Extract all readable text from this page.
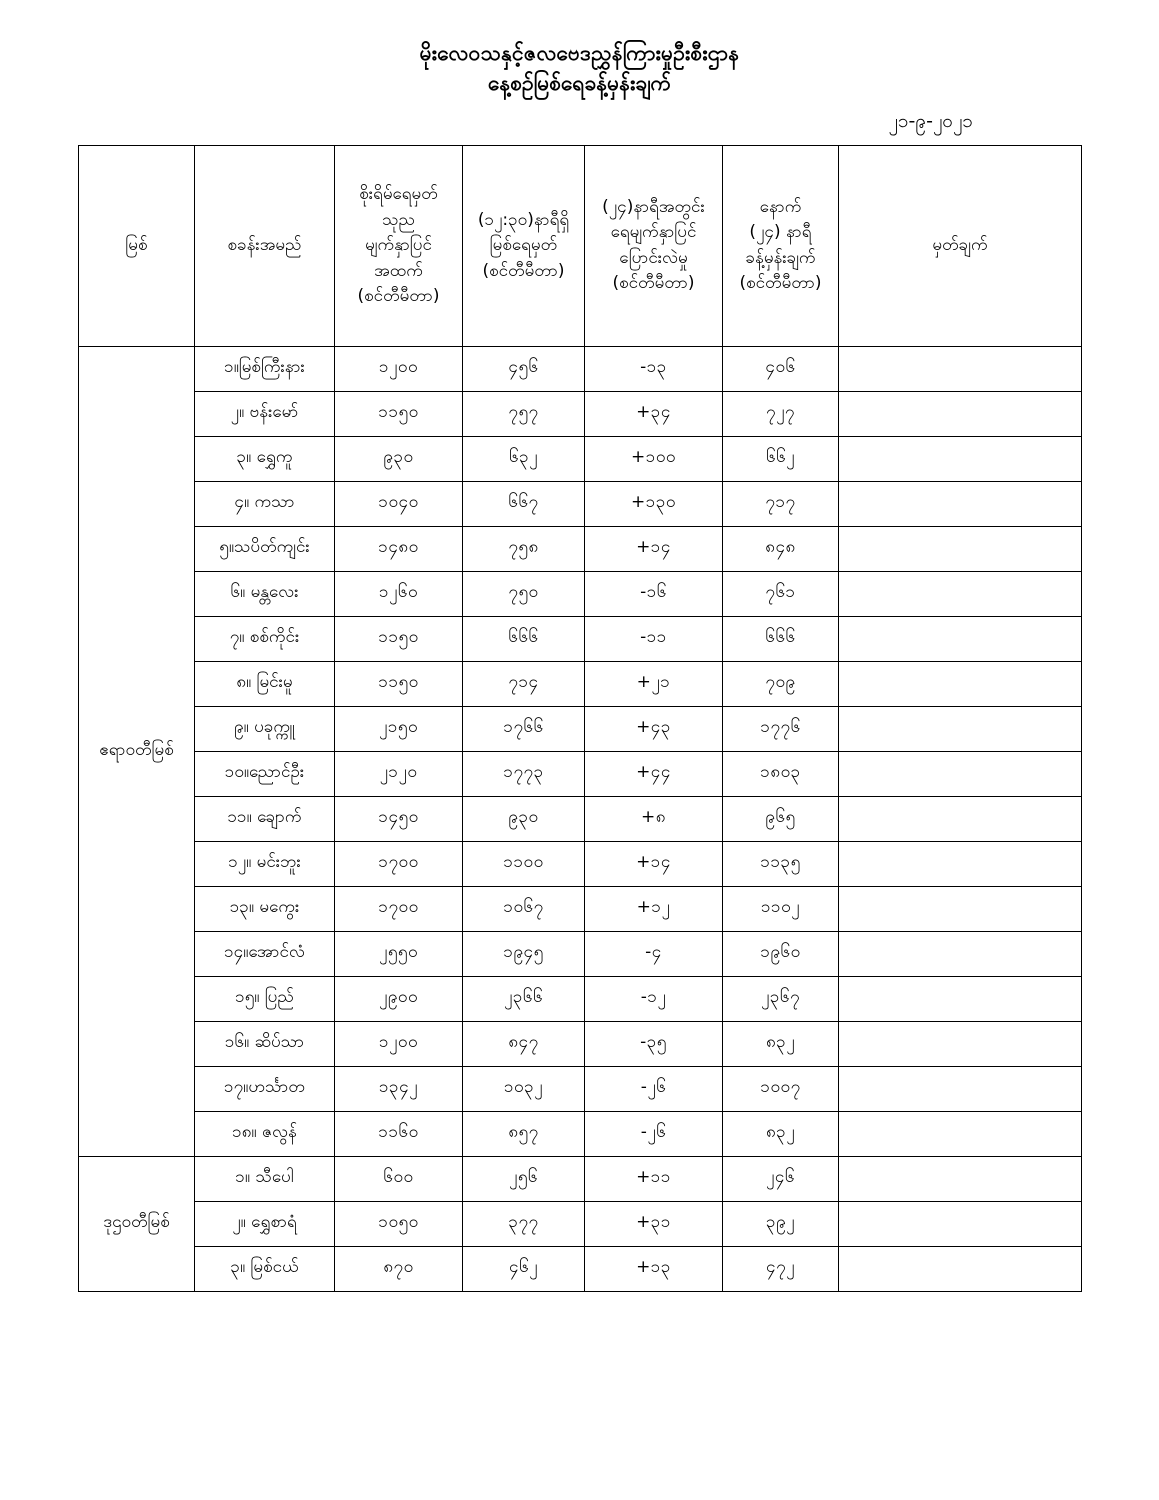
မိုးလေဝသနှင့်ဇလဗေဒညွှန်ကြားမှုဦးစီးဌာန
နေ့စဉ်မြစ်ရေခန့်မှန်းချက်
၂၁-၉-၂၀၂၁
မြစ်	စခန်းအမည်	စိုးရိမ်ရေမှတ်
သုည
မျက်နှာပြင်
အထက်
(စင်တီမီတာ)	(၁၂:၃၀)နာရီရှိ
မြစ်ရေမှတ်
(စင်တီမီတာ)	(၂၄)နာရီအတွင်း
ရေမျက်နှာပြင်
ပြောင်းလဲမှု
(စင်တီမီတာ)	နောက်
(၂၄) နာရီ
ခန့်မှန်းချက်
(စင်တီမီတာ)	မှတ်ချက်

ဧရာဝတီမြစ်	၁။မြစ်ကြီးနား	၁၂၀၀	၄၅၆	-၁၃	၄၀၆	
	၂။ ဗန်းမော်	၁၁၅၀	၇၅၇	+၃၄	၇၂၇	
	၃။ ရွှေကူ	၉၃၀	၆၃၂	+၁၀၀	၆၆၂	
	၄။ ကသာ	၁၀၄၀	၆၆၇	+၁၃၀	၇၁၇	
	၅။သပိတ်ကျင်း	၁၄၈၀	၇၅၈	+၁၄	၈၄၈	
	၆။ မန္တလေး	၁၂၆၀	၇၅၀	-၁၆	၇၆၁	
	၇။ စစ်ကိုင်း	၁၁၅၀	၆၆၆	-၁၁	၆၆၆	
	၈။ မြင်းမူ	၁၁၅၀	၇၁၄	+၂၁	၇၀၉	
	၉။ ပခုက္ကူ	၂၁၅၀	၁၇၆၆	+၄၃	၁၇၇၆	
	၁၀။ညောင်ဦး	၂၁၂၀	၁၇၇၃	+၄၄	၁၈၀၃	
	၁၁။ ချောက်	၁၄၅၀	၉၃၀	+၈	၉၆၅	
	၁၂။ မင်းဘူး	၁၇၀၀	၁၁၀၀	+၁၄	၁၁၃၅	
	၁၃။ မကွေး	၁၇၀၀	၁၀၆၇	+၁၂	၁၁၀၂	
	၁၄။အောင်လံ	၂၅၅၀	၁၉၄၅	-၄	၁၉၆၀	
	၁၅။ ပြည်	၂၉၀၀	၂၃၆၆	-၁၂	၂၃၆၇	
	၁၆။ ဆိပ်သာ	၁၂၀၀	၈၄၇	-၃၅	၈၃၂	
	၁၇။ဟင်္သာတ	၁၃၄၂	၁၀၃၂	-၂၆	၁၀၀၇	
	၁၈။ ဇလွန်	၁၁၆၀	၈၅၇	-၂၆	၈၃၂	
ဒုဌဝတီမြစ်	၁။ သီပေါ	၆၀၀	၂၅၆	+၁၁	၂၄၆	
	၂။ ရွှေစာရံ	၁၀၅၀	၃၇၇	+၃၁	၃၉၂	
	၃။ မြစ်ငယ်	၈၇၀	၄၆၂	+၁၃	၄၇၂	
